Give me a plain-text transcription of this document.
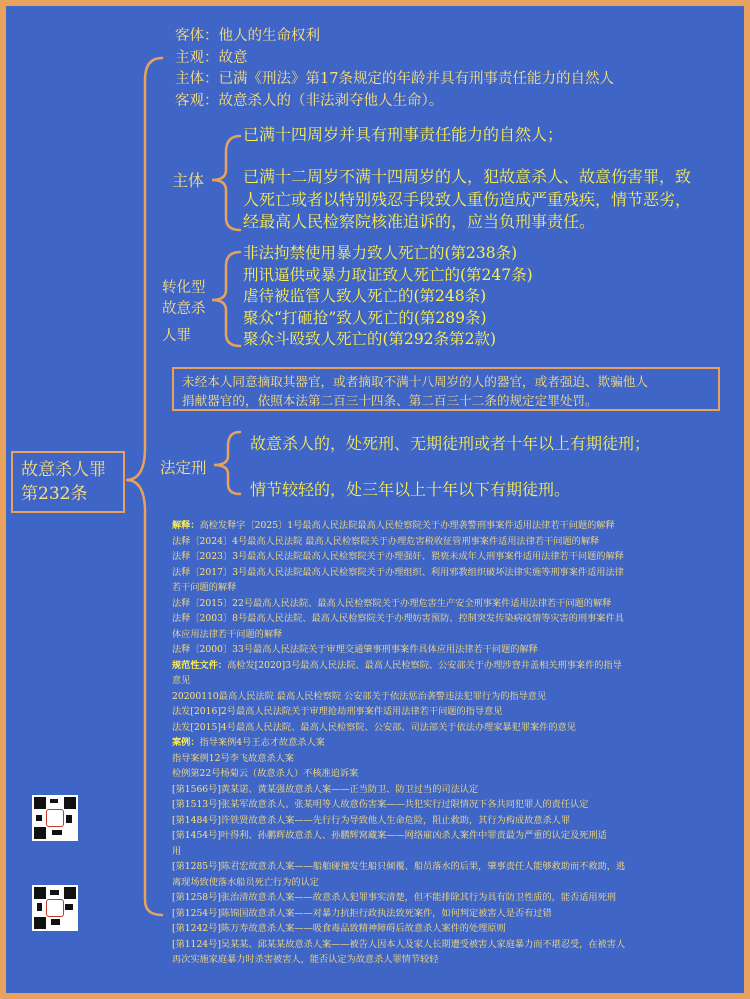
故意杀人罪
第232条
客体：他人的生命权利
主观：故意
主体：已满《刑法》第17条规定的年龄并具有刑事责任能力的自然人
客观：故意杀人的（非法剥夺他人生命）。
主体
已满十四周岁并具有刑事责任能力的自然人；
已满十二周岁不满十四周岁的人，犯故意杀人、故意伤害罪，致
人死亡或者以特别残忍手段致人重伤造成严重残疾，情节恶劣，
经最高人民检察院核准追诉的，应当负刑事责任。
转化型
故意杀
人罪
非法拘禁使用暴力致人死亡的(第238条)
刑讯逼供或暴力取证致人死亡的(第247条)
虐待被监管人致人死亡的(第248条)
聚众“打砸抢”致人死亡的(第289条)
聚众斗殴致人死亡的(第292条第2款)
未经本人同意摘取其器官，或者摘取不满十八周岁的人的器官，或者强迫、欺骗他人
捐献器官的，依照本法第二百三十四条、第二百三十二条的规定定罪处罚。
法定刑
故意杀人的，处死刑、无期徒刑或者十年以上有期徒刑；
情节较轻的，处三年以上十年以下有期徒刑。
解释：高检发释字〔2025〕1号最高人民法院最高人民检察院关于办理袭警刑事案件适用法律若干问题的解释
法释〔2024〕4号最高人民法院 最高人民检察院关于办理危害税收征管刑事案件适用法律若干问题的解释
法释〔2023〕3号最高人民法院最高人民检察院关于办理强奸、猥亵未成年人刑事案件适用法律若干问题的解释
法释〔2017〕3号最高人民法院最高人民检察院关于办理组织、利用邪教组织破坏法律实施等刑事案件适用法律
若干问题的解释
法释〔2015〕22号最高人民法院、最高人民检察院关于办理危害生产安全刑事案件适用法律若干问题的解释
法释〔2003〕8号最高人民法院、最高人民检察院关于办理妨害预防、控制突发传染病疫情等灾害的刑事案件具
体应用法律若干问题的解释
法释〔2000〕33号最高人民法院关于审理交通肇事刑事案件具体应用法律若干问题的解释
规范性文件：高检发[2020]3号最高人民法院、最高人民检察院、公安部关于办理涉窨井盖相关刑事案件的指导
意见
20200110最高人民法院 最高人民检察院 公安部关于依法惩治袭警违法犯罪行为的指导意见
法发[2016]2号最高人民法院关于审理抢劫刑事案件适用法律若干问题的指导意见
法发[2015]4号最高人民法院、最高人民检察院、公安部、司法部关于依法办理家暴犯罪案件的意见
案例：指导案例4号王志才故意杀人案
指导案例12号李飞故意杀人案
检例第22号杨菊云（故意杀人）不核准追诉案
[第1566号]黄某诺、黄某强故意杀人案——正当防卫、防卫过当的司法认定
[第1513号]张某军故意杀人、张某明等人故意伤害案——共犯实行过限情况下各共同犯罪人的责任认定
[第1484号]许铁贤故意杀人案——先行行为导致他人生命危险，阻止救助，其行为构成故意杀人罪
[第1454号]叶得利、孙鹏辉故意杀人、孙鹏辉窝藏案——网络雇凶杀人案件中罪责最为严重的认定及死刑适
用
[第1285号]陈君宏故意杀人案——船舶碰撞发生船只倾覆、船员落水的后果，肇事责任人能够救助而不救助，逃
离现场致使落水船员死亡行为的认定
[第1258号]张治清故意杀人案——故意杀人犯罪事实清楚，但不能排除其行为具有防卫性质的，能否适用死刑
[第1254号]陈锦国故意杀人案——对暴力抗拒行政执法致死案件，如何判定被害人是否有过错
[第1242号]陈万寿故意杀人案——吸食毒品致精神障碍后故意杀人案件的处理原则
[第1124号]吴某某、邱某某故意杀人案——被告人因本人及家人长期遭受被害人家庭暴力而不堪忍受，在被害人
再次实施家庭暴力时杀害被害人，能否认定为故意杀人罪情节较轻
